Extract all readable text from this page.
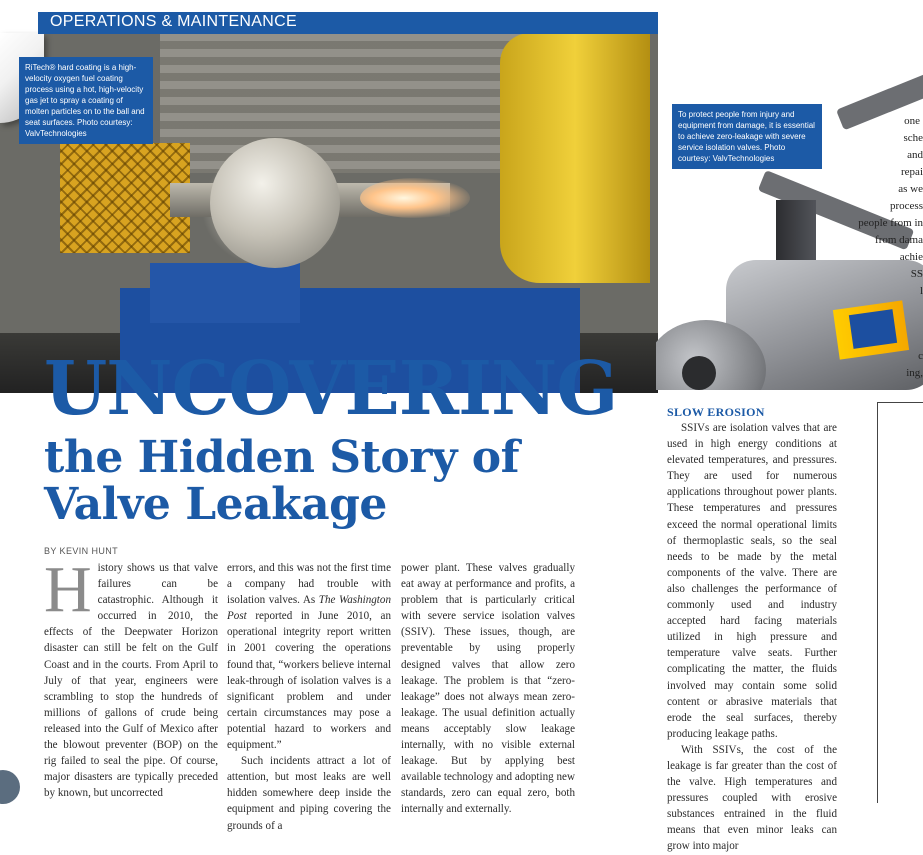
OPERATIONS & MAINTENANCE
RiTech® hard coating is a high-velocity oxygen fuel coating process using a hot, high-velocity gas jet to spray a coating of molten particles on to the ball and seat surfaces. Photo courtesy: ValvTechnologies
To protect people from injury and equipment from damage, it is essential to achieve zero-leakage with severe service isolation valves. Photo courtesy: ValvTechnologies
one
sche
and
repai
as we
process
people from in
from dama
achie
SS
l
c
ing,
UNCOVERING
the Hidden Story of Valve Leakage
BY KEVIN HUNT
H istory shows us that valve failures can be catastrophic. Although it occurred in 2010, the effects of the Deepwater Horizon disaster can still be felt on the Gulf Coast and in the courts. From April to July of that year, engineers were scrambling to stop the hundreds of millions of gallons of crude being released into the Gulf of Mexico after the blowout preventer (BOP) on the rig failed to seal the pipe. Of course, major disasters are typically preceded by known, but uncorrected

errors, and this was not the first time a company had trouble with isolation valves. As The Washington Post reported in June 2010, an operational integrity report written in 2001 covering the operations found that, “workers believe internal leak-through of isolation valves is a significant problem and under certain circumstances may pose a potential hazard to workers and equipment.”

Such incidents attract a lot of attention, but most leaks are well hidden somewhere deep inside the equipment and piping covering the grounds of a

power plant. These valves gradually eat away at performance and profits, a problem that is particularly critical with severe service isolation valves (SSIV). These issues, though, are preventable by using properly designed valves that allow zero leakage. The problem is that “zero-leakage” does not always mean zero-leakage. The usual definition actually means acceptably slow leakage internally, with no visible external leakage. But by applying best available technology and adopting new standards, zero can equal zero, both internally and externally.

SLOW EROSION

SSIVs are isolation valves that are used in high energy conditions at elevated temperatures, and pressures. They are used for numerous applications throughout power plants. These temperatures and pressures exceed the normal operational limits of thermoplastic seals, so the seal needs to be made by the metal components of the valve. There are also challenges the performance of commonly used and industry accepted hard facing materials utilized in high pressure and temperature valve seats. Further complicating the matter, the fluids involved may contain some solid content or abrasive materials that erode the seal surfaces, thereby producing leakage paths.

With SSIVs, the cost of the leakage is far greater than the cost of the valve. High temperatures and pressures coupled with erosive substances entrained in the fluid means that even minor leaks can grow into major
